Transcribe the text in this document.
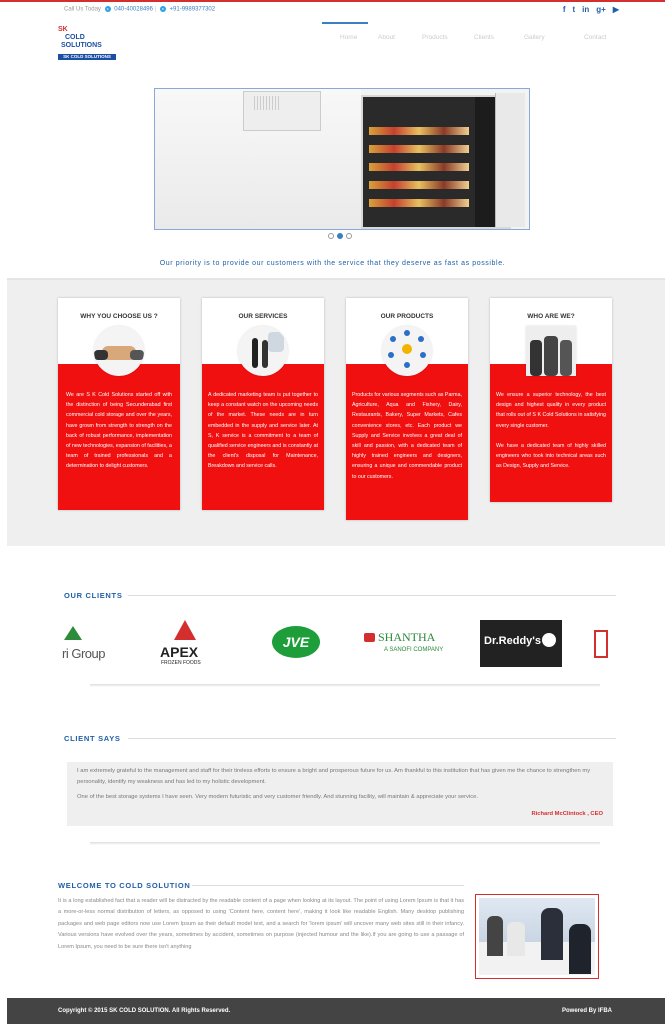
Call Us Today s 040-40028496 | s +91-9989377302	f t in g+ ▶
SK
COLD
SOLUTIONS
SK COLD SOLUTIONS
Home	About	Products	Clients	Gallery	Contact
Our priority is to provide our customers with the service that they deserve as fast as possible.
WHY YOU CHOOSE US ?
We are S K Cold Solutions started off with the distinction of being Secunderabad first commercial cold storage and over the years, have grown from strength to strength on the back of robust performance, implementation of new technologies, expansion of facilities, a team of trained professionals and a determination to delight customers.
OUR SERVICES
A dedicated marketing team is put together to keep a constant watch on the upcoming needs of the market. These needs are in turn embedded in the supply and service later. At S, K service is a commitment to a team of qualified service engineers and is constantly at the client's disposal for Maintenance, Breakdown and service calls.
OUR PRODUCTS
Products for various segments such as Parma, Agriculture, Aqua and Fishery, Dairy, Restaurants, Bakery, Super Markets, Cafes convenience stores, etc. Each product we Supply and Service involves a great deal of skill and passion, with a dedicated team of highly trained engineers and designers, ensuring a unique and commendable product to our customers.
WHO ARE WE?

We ensure a superior technology, the best design and highest quality in every product that rolls out of S K Cold Solutions in satisfying every single customer.

We have a dedicated team of highly skilled engineers who took into technical areas such as Design, Supply and Service.

OUR CLIENTS
ri Group	APEX
FROZEN FOODS
JVE	SHANTHA
A SANOFI COMPANY
Dr.Reddy's
CLIENT SAYS

I am extremely grateful to the management and staff for their tireless efforts to ensure a bright and prosperous future for us. Am thankful to this institution that has given me the chance to strengthen my personality, identify my weakness and has led to my holistic development.

One of the best storage systems I have seen. Very modern futuristic and very customer friendly. And stunning facility, will maintain & appreciate your service.

Richard McClintock , CEO
WELCOME TO COLD SOLUTION
It is a long established fact that a reader will be distracted by the readable content of a page when looking at its layout. The point of using Lorem Ipsum is that it has a more-or-less normal distribution of letters, as opposed to using 'Content here, content here', making it look like readable English. Many desktop publishing packages and web page editors now use Lorem Ipsum as their default model text, and a search for 'lorem ipsum' will uncover many web sites still in their infancy. Various versions have evolved over the years, sometimes by accident, sometimes on purpose (injected humour and the like).If you are going to use a passage of Lorem Ipsum, you need to be sure there isn't anything
Copyright © 2015 SK COLD SOLUTION. All Rights Reserved.	Powered By IFBA
